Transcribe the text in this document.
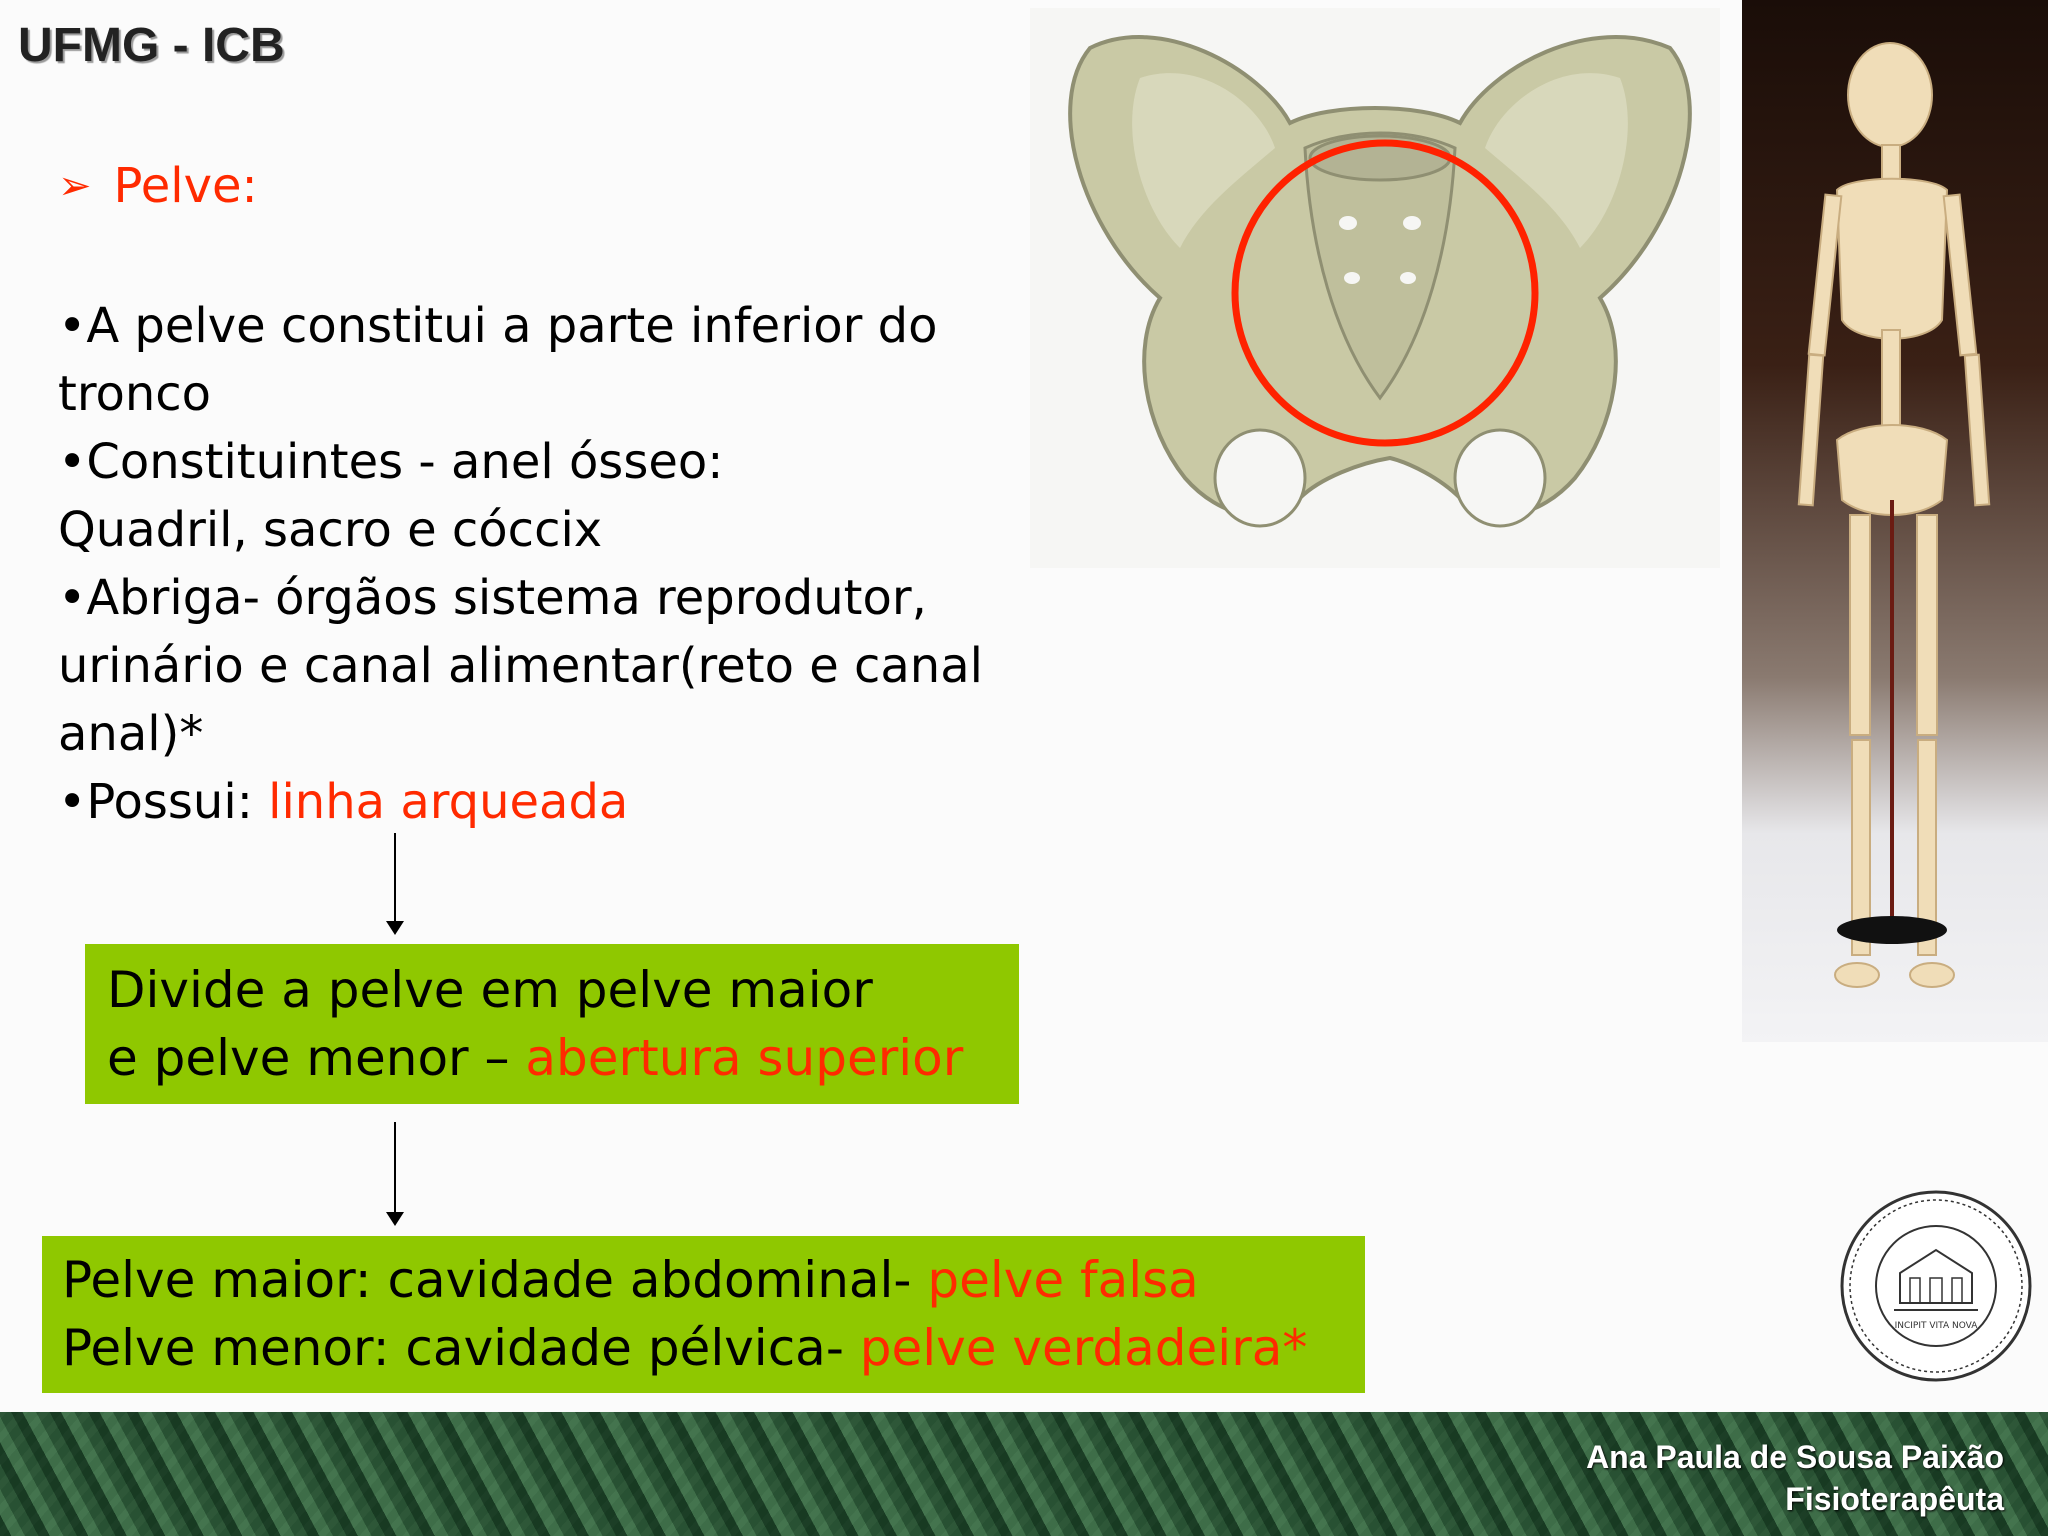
UFMG - ICB
➢ Pelve:

•A pelve constitui a parte inferior do tronco

•Constituintes - anel ósseo:

Quadril, sacro e cóccix

•Abriga- órgãos sistema reprodutor, urinário e canal alimentar(reto e canal anal)*

•Possui: linha arqueada

Divide a pelve em pelve maior

e pelve menor – abertura superior

Pelve maior: cavidade abdominal- pelve falsa

Pelve menor: cavidade pélvica- pelve verdadeira*	INCIPIT VITA NOVA
Ana Paula de Sousa Paixão
Fisioterapêuta
